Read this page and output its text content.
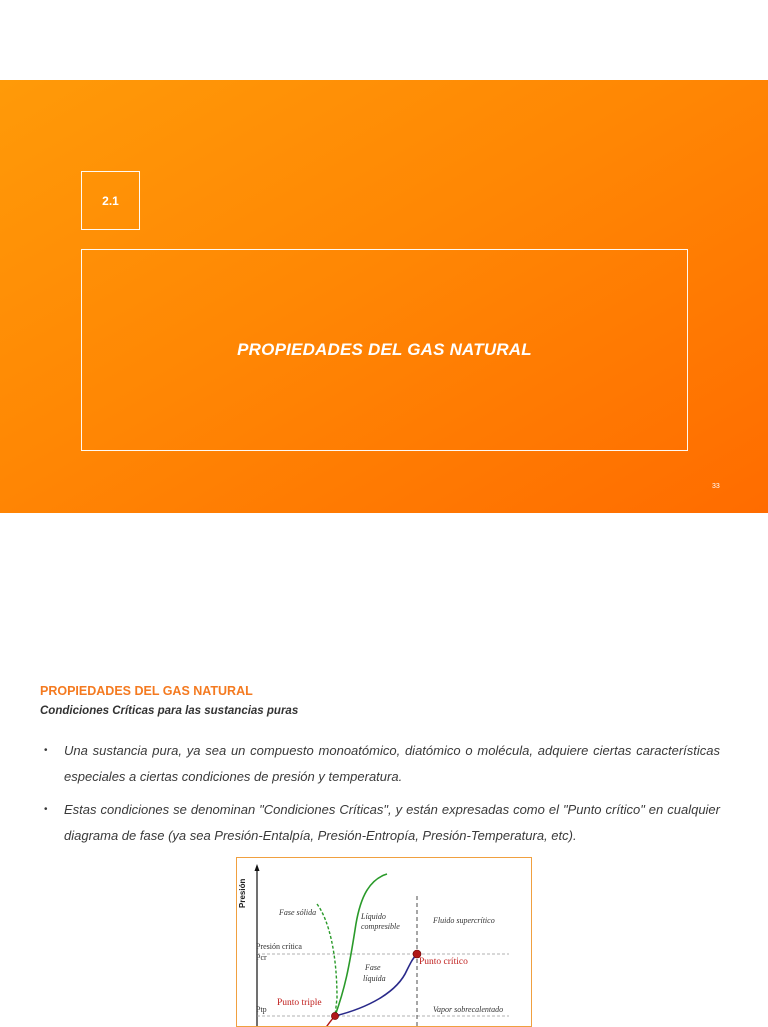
2.1
PROPIEDADES DEL GAS NATURAL
33
PROPIEDADES DEL GAS NATURAL
Condiciones Críticas para las sustancias puras
• Una sustancia pura, ya sea un compuesto monoatómico, diatómico o molécula, adquiere ciertas características especiales a ciertas condiciones de presión y temperatura.
• Estas condiciones se denominan "Condiciones Críticas", y están expresadas como el "Punto crítico" en cualquier diagrama de fase (ya sea Presión-Entalpía, Presión-Entropía, Presión-Temperatura, etc).
Presión
Fase sólida	Líquido
compresible
Fluido supercrítico
Presión crítica
Pcr
Fase
líquida
Punto crítico
Ptp
Punto triple
Vapor sobrecalentado
